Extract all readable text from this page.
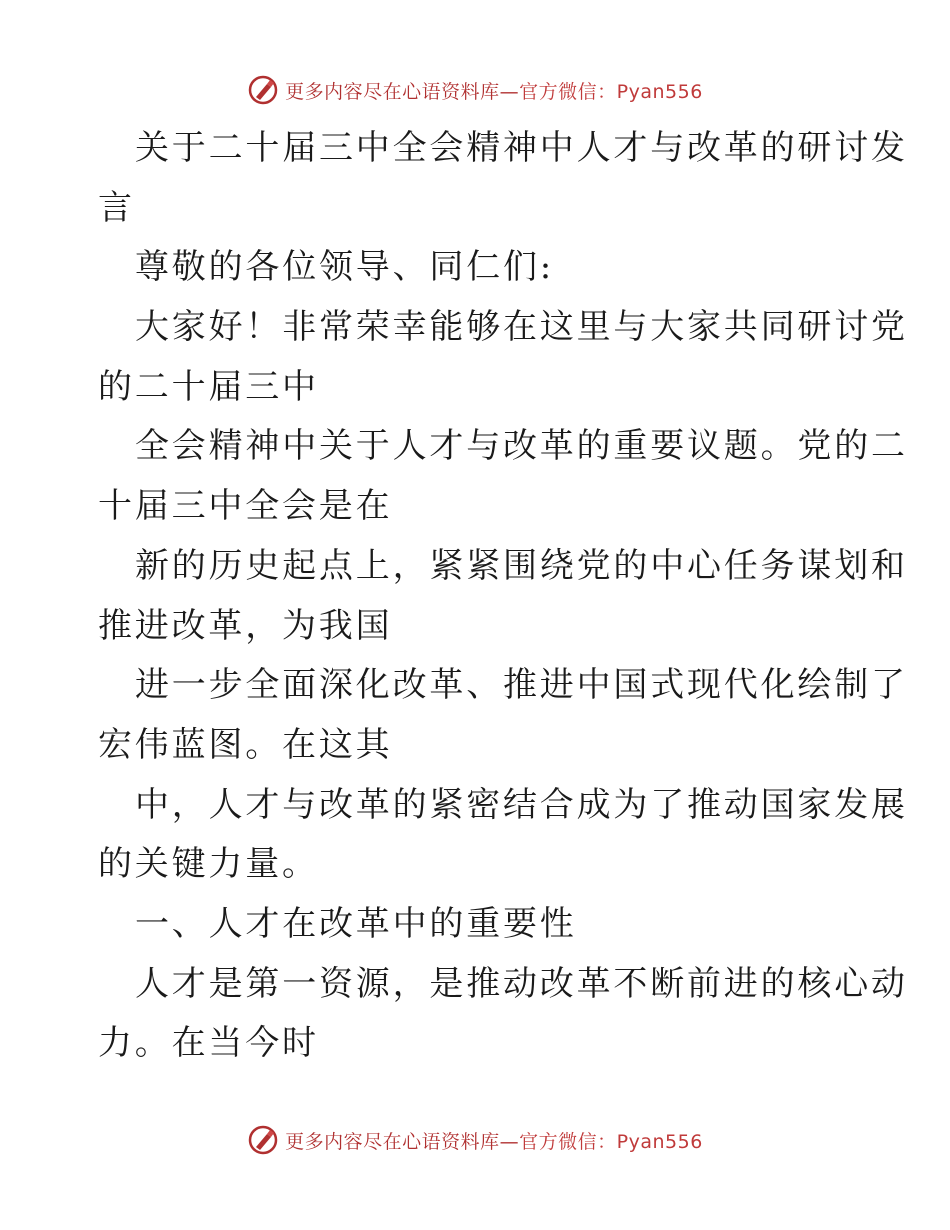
更多内容尽在心语资料库—官方微信：Pyan556
关于二十届三中全会精神中人才与改革的研讨发
言
尊敬的各位领导、同仁们:
大家好！非常荣幸能够在这里与大家共同研讨党
的二十届三中
全会精神中关于人才与改革的重要议题。党的二
十届三中全会是在
新的历史起点上，紧紧围绕党的中心任务谋划和
推进改革，为我国
进一步全面深化改革、推进中国式现代化绘制了
宏伟蓝图。在这其
中，人才与改革的紧密结合成为了推动国家发展
的关键力量。
一、人才在改革中的重要性
人才是第一资源，是推动改革不断前进的核心动
力。在当今时
更多内容尽在心语资料库—官方微信：Pyan556
